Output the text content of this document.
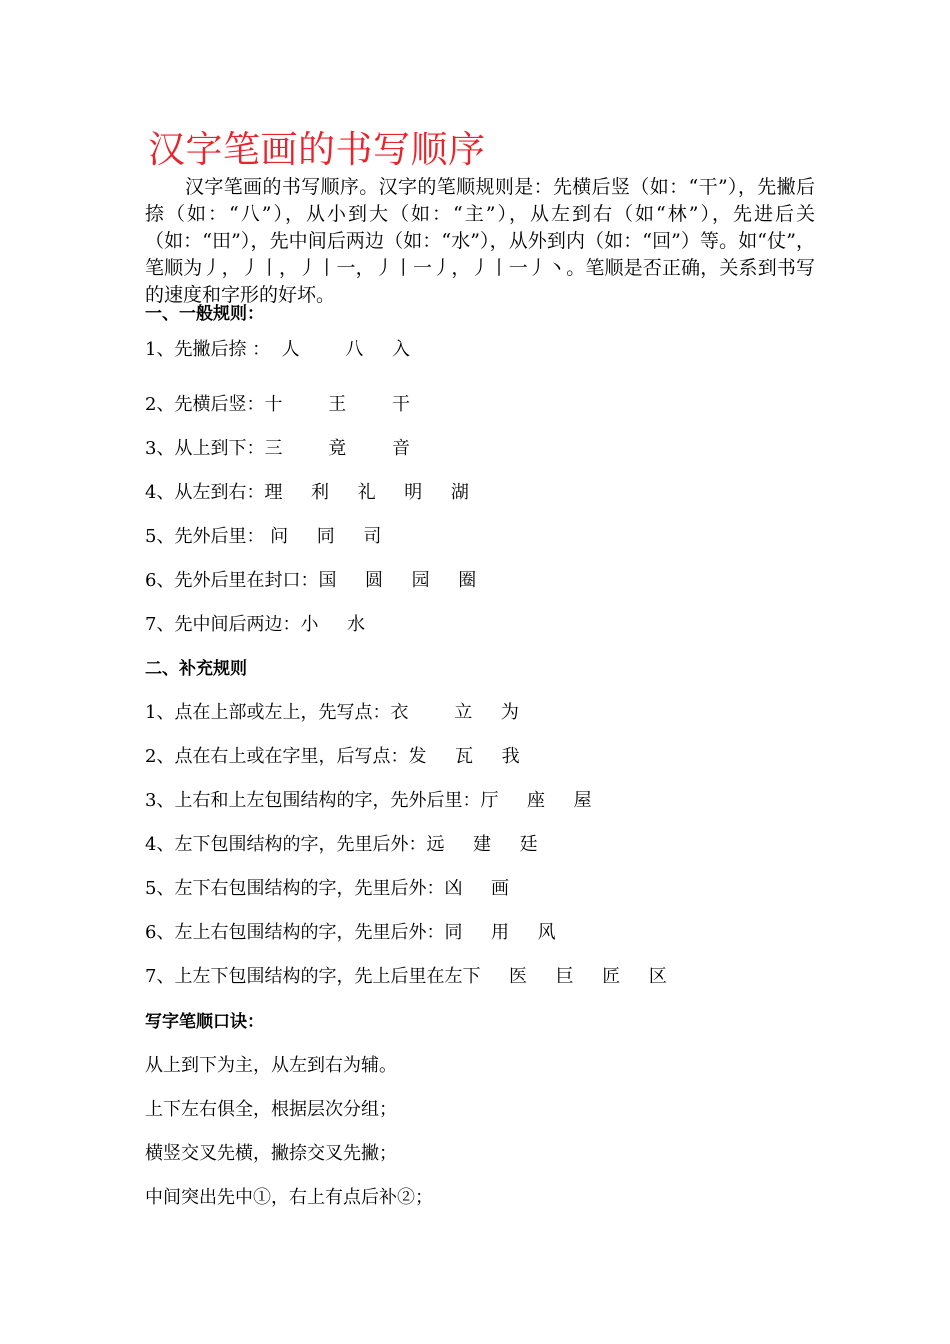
汉字笔画的书写顺序

汉字笔画的书写顺序。汉字的笔顺规则是：先横后竖（如：“干”），先撇后捺（如：“八”），从小到大（如：“主”），从左到右（如“林”），先进后关（如：“田”），先中间后两边（如：“水”），从外到内（如：“回”）等。如“仗”，笔顺为丿，丿丨，丿丨一，丿丨一丿，丿丨一丿丶。笔顺是否正确，关系到书写的速度和字形的好坏。

一、一般规则：
1、先撇后捺 ：  人        八     入
2、先横后竖：十        王        干
3、从上到下：三        竟        音
4、从左到右：理     利     礼     明     湖
5、先外后里： 问     同     司
6、先外后里在封口：国     圆     园     圈
7、先中间后两边：小     水
二、补充规则
1、点在上部或左上，先写点：衣        立     为
2、点在右上或在字里，后写点：发     瓦     我
3、上右和上左包围结构的字，先外后里：厅     座     屋
4、左下包围结构的字，先里后外：远     建     廷
5、左下右包围结构的字，先里后外：凶     画
6、左上右包围结构的字，先里后外：同     用     风
7、上左下包围结构的字，先上后里在左下     医     巨     匠     区
写字笔顺口诀：
从上到下为主，从左到右为辅。
上下左右俱全，根据层次分组；
横竖交叉先横，撇捺交叉先撇；
中间突出先中①，右上有点后补②；
